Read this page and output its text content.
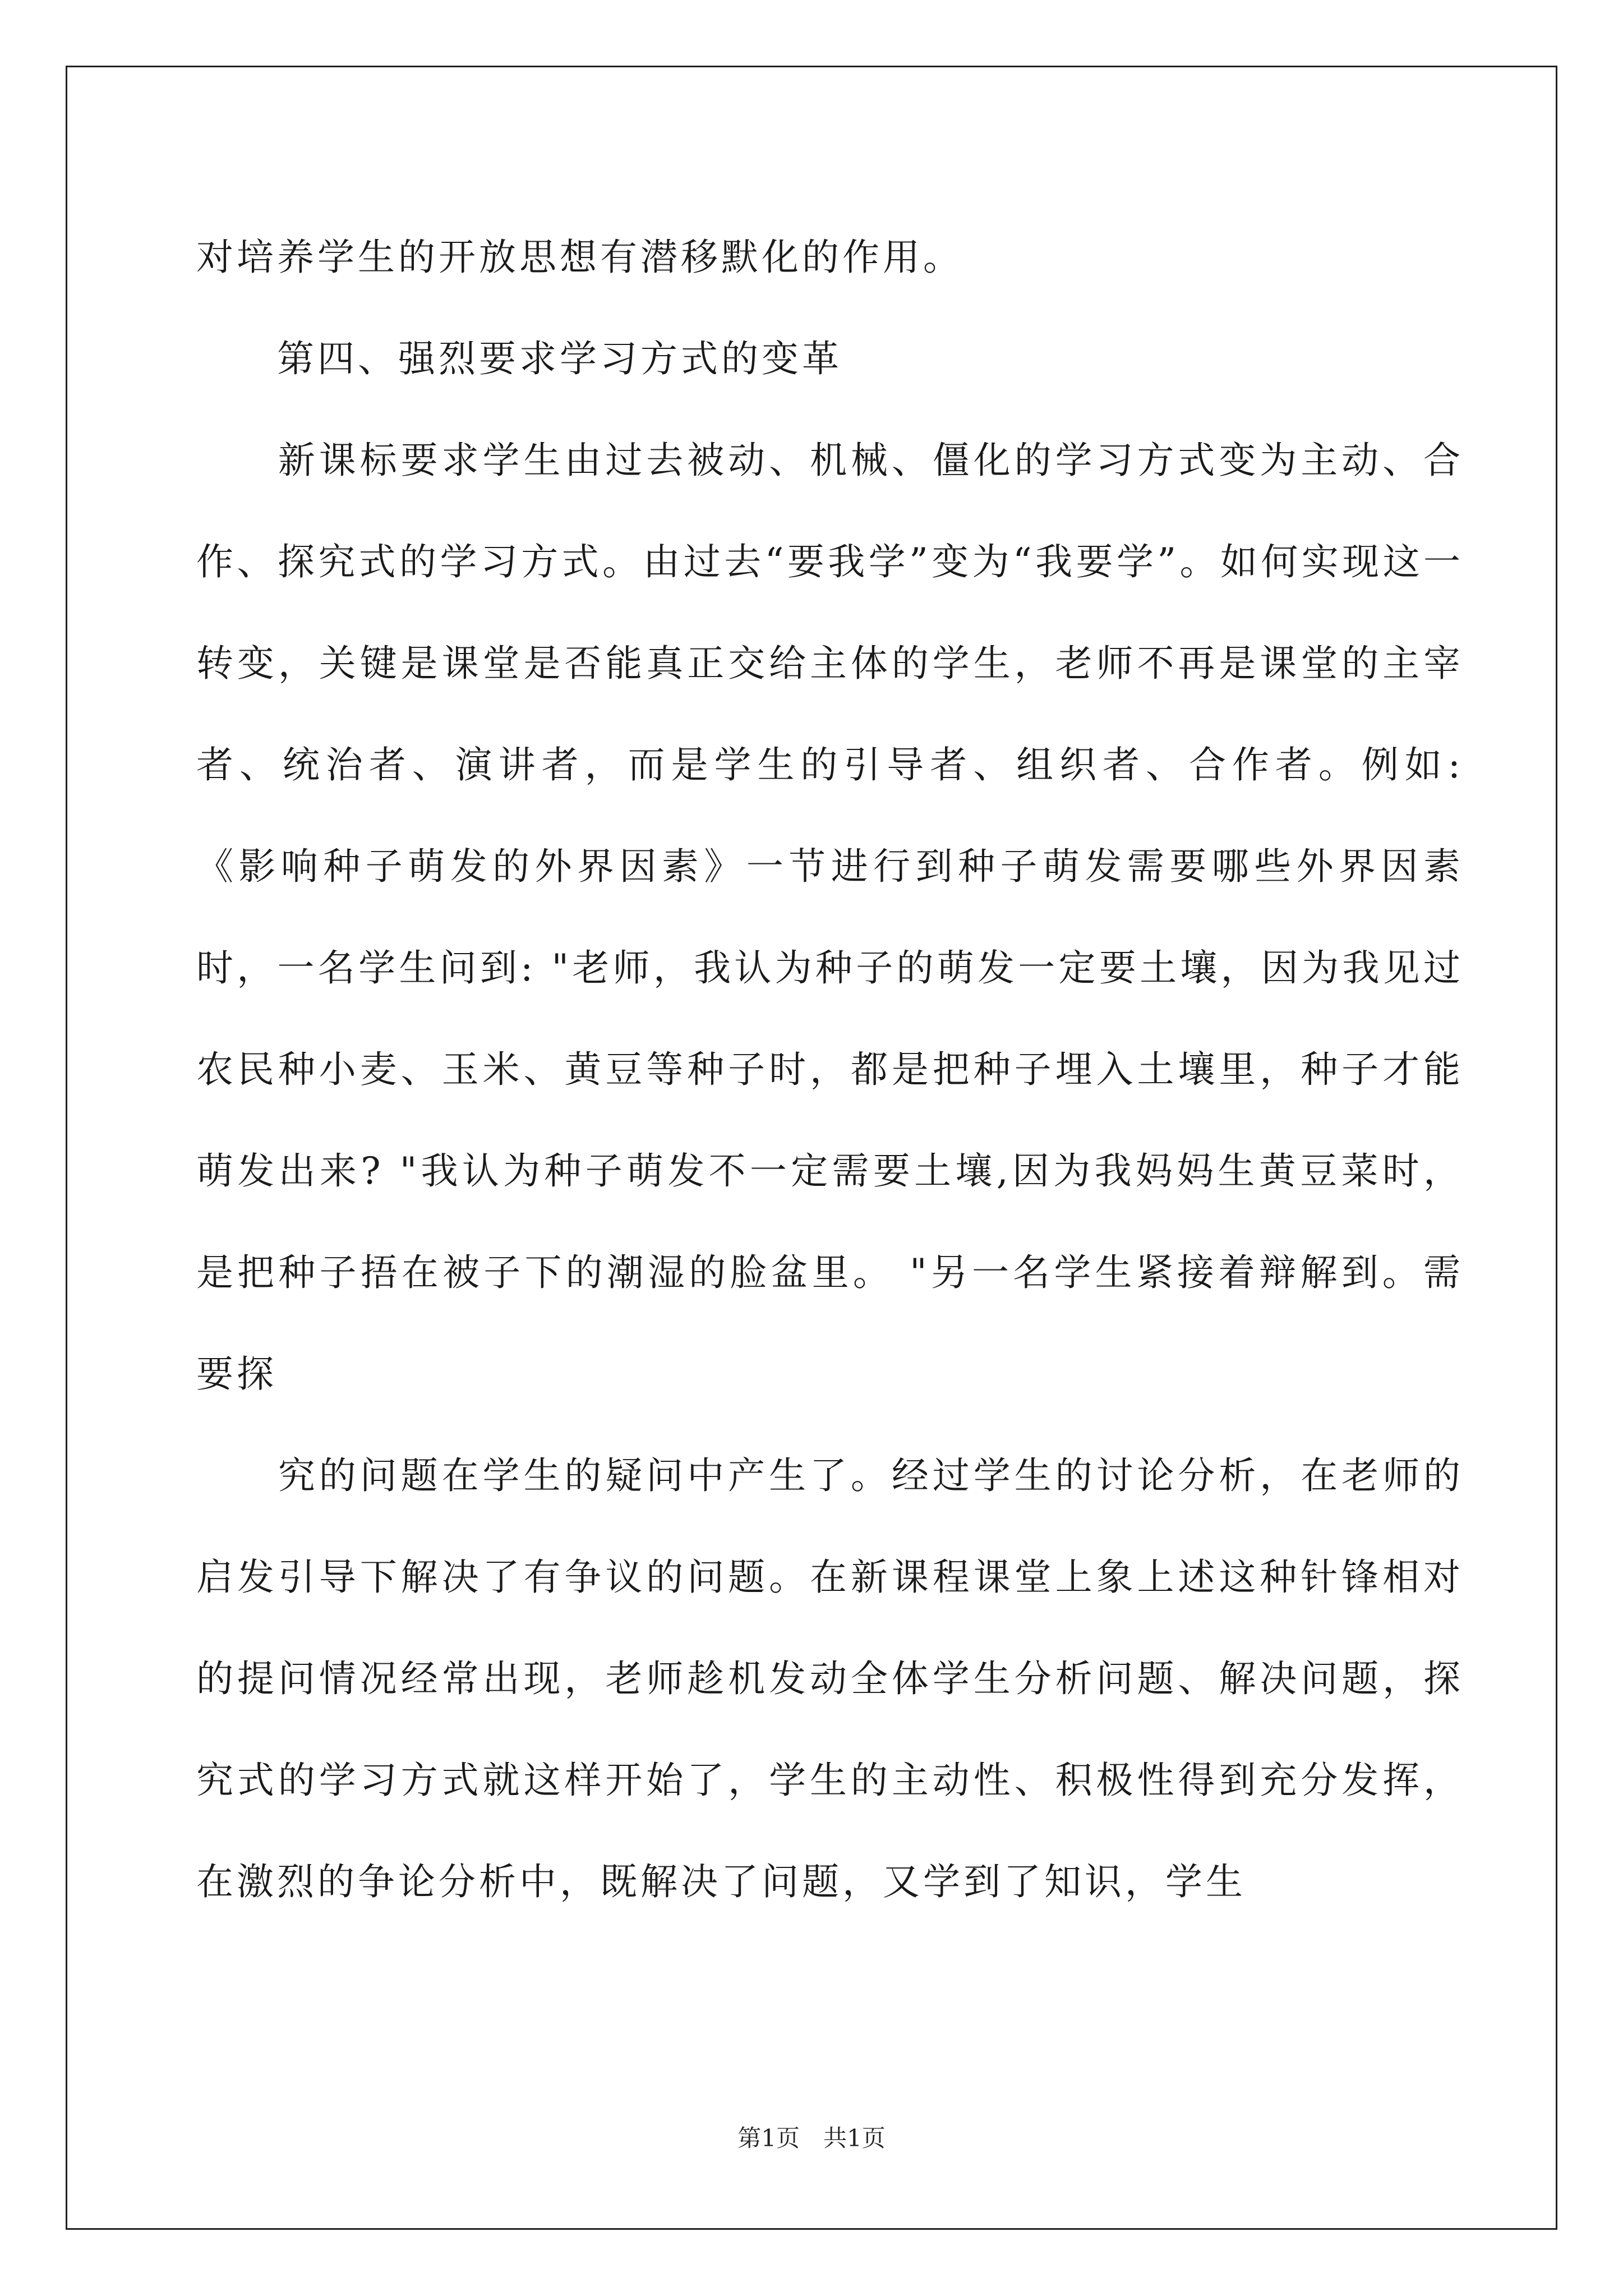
对培养学生的开放思想有潜移默化的作用。

　　第四、强烈要求学习方式的变革

　　新课标要求学生由过去被动、机械、僵化的学习方式变为主动、合作、探究式的学习方式。由过去“要我学”变为“我要学”。如何实现这一转变，关键是课堂是否能真正交给主体的学生，老师不再是课堂的主宰者、统治者、演讲者，而是学生的引导者、组织者、合作者。例如:《影响种子萌发的外界因素》一节进行到种子萌发需要哪些外界因素时，一名学生问到: "老师，我认为种子的萌发一定要土壤，因为我见过农民种小麦、玉米、黄豆等种子时，都是把种子埋入土壤里，种子才能萌发出来? "我认为种子萌发不一定需要土壤,因为我妈妈生黄豆菜时，是把种子捂在被子下的潮湿的脸盆里。 "另一名学生紧接着辩解到。需要探

　　究的问题在学生的疑问中产生了。经过学生的讨论分析，在老师的启发引导下解决了有争议的问题。在新课程课堂上象上述这种针锋相对的提问情况经常出现，老师趁机发动全体学生分析问题、解决问题，探究式的学习方式就这样开始了，学生的主动性、积极性得到充分发挥，在激烈的争论分析中，既解决了问题，又学到了知识，学生

第1页　共1页
